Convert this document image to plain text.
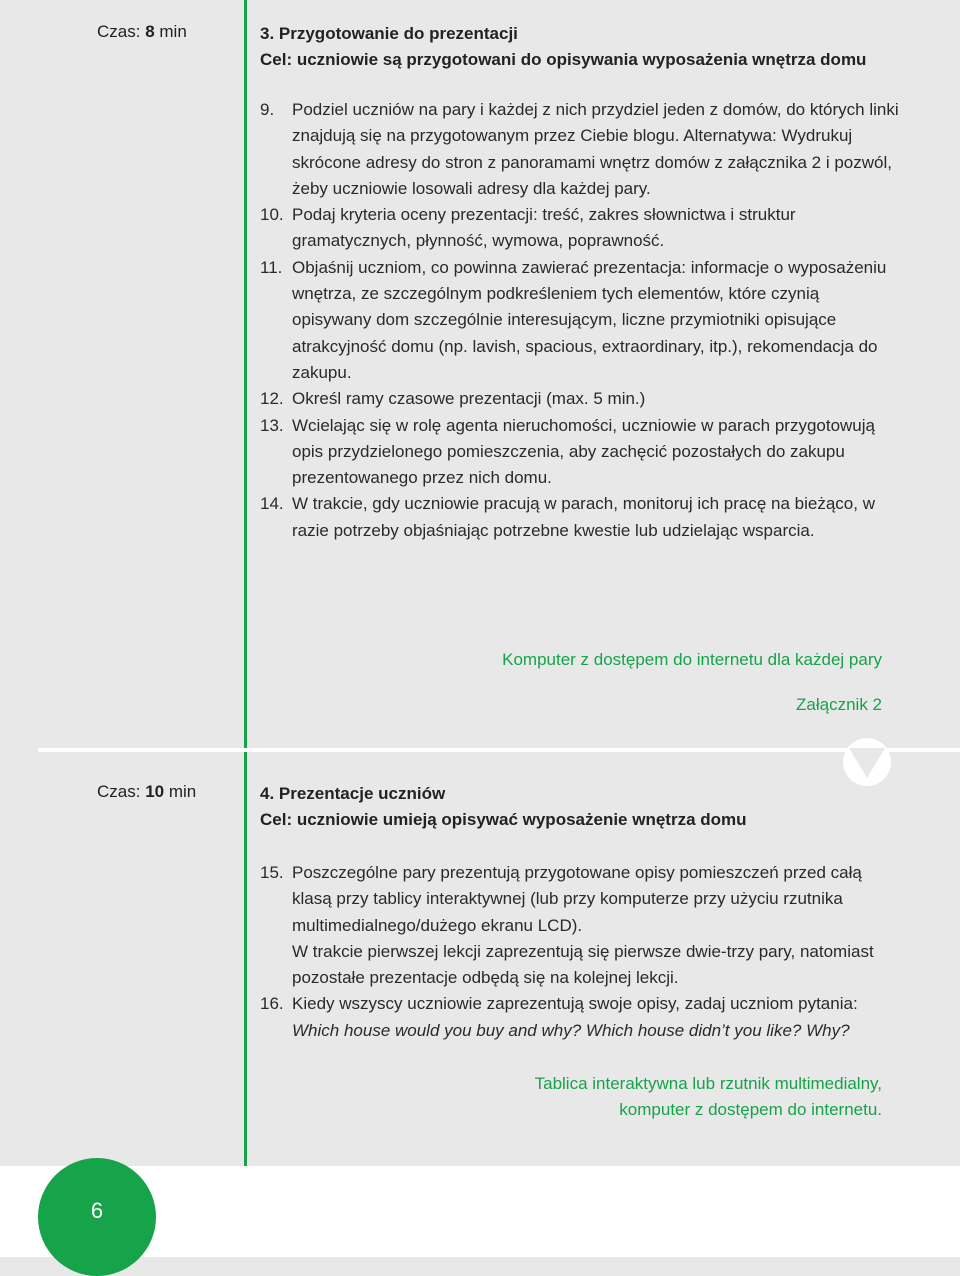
Czas: 8 min	3. Przygotowanie do prezentacji

Cel: uczniowie są przygotowani do opisywania wyposażenia wnętrza domu

9. Podziel uczniów na pary i każdej z nich przydziel jeden z domów, do których linki znajdują się na przygotowanym przez Ciebie blogu. Alternatywa: Wydrukuj skrócone adresy do stron z panoramami wnętrz domów z załącznika 2 i pozwól, żeby uczniowie losowali adresy dla każdej pary.
10. Podaj kryteria oceny prezentacji: treść, zakres słownictwa i struktur gramatycznych, płynność, wymowa, poprawność.
11. Objaśnij uczniom, co powinna zawierać prezentacja: informacje o wyposażeniu wnętrza, ze szczególnym podkreśleniem tych elementów, które czynią opisywany dom szczególnie interesującym, liczne przymiotniki opisujące atrakcyjność domu (np. lavish, spacious, extraordinary, itp.), rekomendacja do zakupu.
12. Określ ramy czasowe prezentacji (max. 5 min.)
13. Wcielając się w rolę agenta nieruchomości, uczniowie w parach przygotowują opis przydzielonego pomieszczenia, aby zachęcić pozostałych do zakupu prezentowanego przez nich domu.
14. W trakcie, gdy uczniowie pracują w parach, monitoruj ich pracę na bieżąco, w razie potrzeby objaśniając potrzebne kwestie lub udzielając wsparcia.
Komputer z dostępem do internetu dla każdej pary
Załącznik 2
Czas: 10 min	4. Prezentacje uczniów

Cel: uczniowie umieją opisywać wyposażenie wnętrza domu

15. Poszczególne pary prezentują przygotowane opisy pomieszczeń przed całą klasą przy tablicy interaktywnej (lub przy komputerze przy użyciu rzutnika multimedialnego/dużego ekranu LCD).
W trakcie pierwszej lekcji zaprezentują się pierwsze dwie-trzy pary, natomiast pozostałe prezentacje odbędą się na kolejnej lekcji.
16. Kiedy wszyscy uczniowie zaprezentują swoje opisy, zadaj uczniom pytania: Which house would you buy and why? Which house didn’t you like? Why?
Tablica interaktywna lub rzutnik multimedialny,
komputer z dostępem do internetu.
6
